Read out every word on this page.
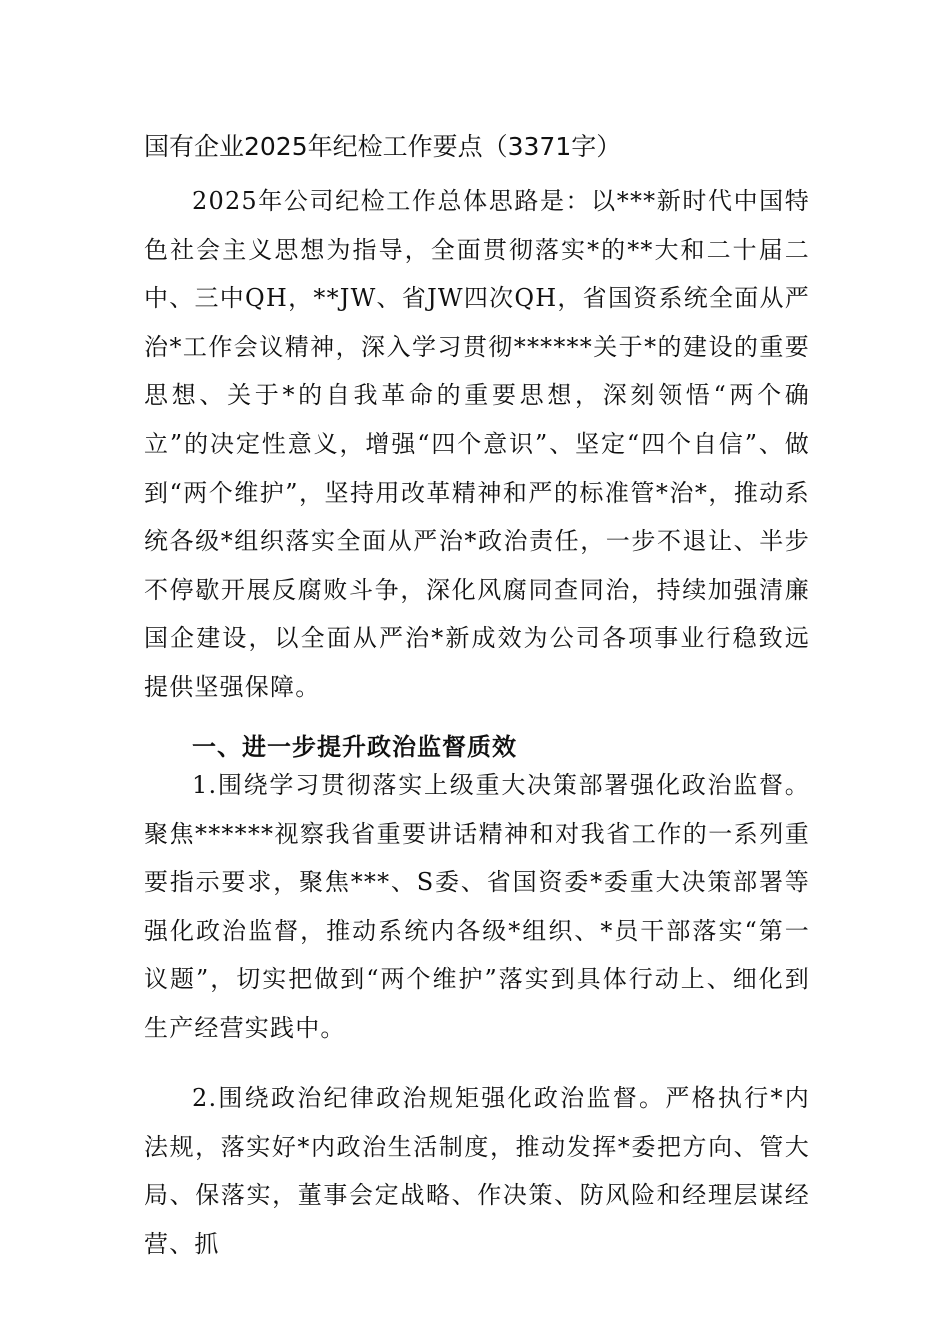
国有企业2025年纪检工作要点（3371字）

2025年公司纪检工作总体思路是：以***新时代中国特色社会主义思想为指导，全面贯彻落实*的**大和二十届二中、三中QH，**JW、省JW四次QH，省国资系统全面从严治*工作会议精神，深入学习贯彻******关于*的建设的重要思想、关于*的自我革命的重要思想，深刻领悟“两个确立”的决定性意义，增强“四个意识”、坚定“四个自信”、做到“两个维护”，坚持用改革精神和严的标准管*治*，推动系统各级*组织落实全面从严治*政治责任，一步不退让、半步不停歇开展反腐败斗争，深化风腐同查同治，持续加强清廉国企建设，以全面从严治*新成效为公司各项事业行稳致远提供坚强保障。

一、进一步提升政治监督质效

1.围绕学习贯彻落实上级重大决策部署强化政治监督。聚焦******视察我省重要讲话精神和对我省工作的一系列重要指示要求，聚焦***、S委、省国资委*委重大决策部署等强化政治监督，推动系统内各级*组织、*员干部落实“第一议题”，切实把做到“两个维护”落实到具体行动上、细化到生产经营实践中。

2.围绕政治纪律政治规矩强化政治监督。严格执行*内法规，落实好*内政治生活制度，推动发挥*委把方向、管大局、保落实，董事会定战略、作决策、防风险和经理层谋经营、抓
